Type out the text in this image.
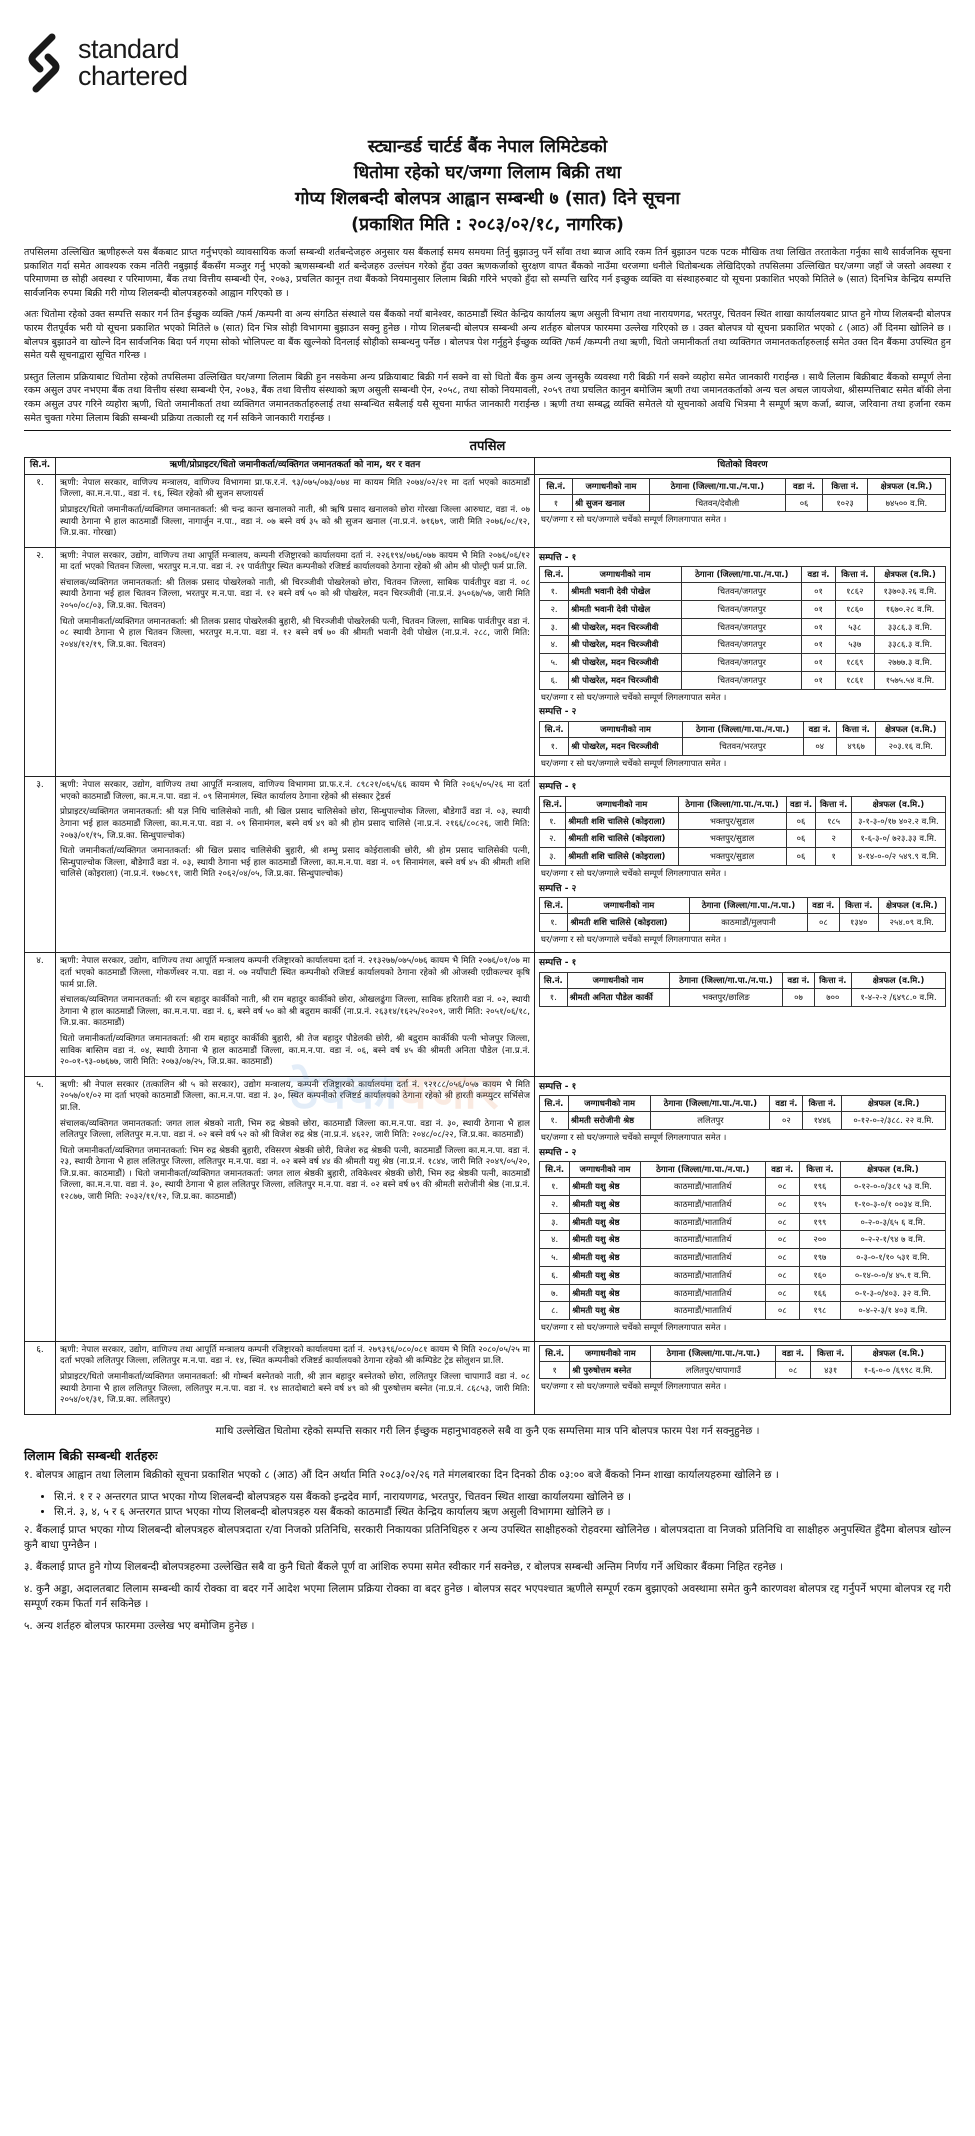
standard
chartered
स्ट्यान्डर्ड चार्टर्ड बैंक नेपाल लिमिटेडको
धितोमा रहेको घर/जग्गा लिलाम बिक्री तथा
गोप्य शिलबन्दी बोलपत्र आह्वान सम्बन्धी ७ (सात) दिने सूचना
(प्रकाशित मिति : २०८३/०२/१८, नागरिक)

तपसिलमा उल्लिखित ऋणीहरूले यस बैंकबाट प्राप्त गर्नुभएको व्यावसायिक कर्जा सम्बन्धी शर्तबन्देजहरु अनुसार यस बैंकलाई समय समयमा तिर्नु बुझाउनु पर्ने साँवा तथा ब्याज आदि रकम तिर्न बुझाउन पटक पटक मौखिक तथा लिखित तरताकेता गर्नुका साथै सार्वजनिक सूचना प्रकाशित गर्दा समेत आवश्यक रकम नतिरी नबुझाई बैंकसँग मञ्जुर गर्नु भएको ऋणसम्बन्धी शर्त बन्देजहरु उल्लंघन गरेको हुँदा उक्त ऋणकर्जाको सुरक्षण वापत बैंकको नाउँमा धरजग्गा धनीले धितोबन्धक लेखिदिएको तपसिलमा उल्लिखित घर/जग्गा जहाँ जे जस्तो अवस्था र परिमाणमा छ सोही अवस्था र परिमाणमा, बैंक तथा वित्तीय सम्बन्धी ऐन, २०७३, प्रचलित कानून तथा बैंकको नियमानुसार लिलाम बिक्री गरिने भएको हुँदा सो सम्पत्ति खरिद गर्न इच्छुक व्यक्ति वा संस्थाहरुबाट यो सूचना प्रकाशित भएको मितिले ७ (सात) दिनभित्र केन्द्रिय सम्पत्ति सार्वजनिक रुपमा बिक्री गरी गोप्य शिलबन्दी बोलपत्रहरुको आह्वान गरिएको छ ।

अतः धितोमा रहेको उक्त सम्पत्ति सकार गर्न तिन ईच्छुक व्यक्ति /फर्म /कम्पनी वा अन्य संगठित संस्थाले यस बैंकको नयाँ बानेश्वर, काठमाडौं स्थित केन्द्रिय कार्यालय ऋण असुली विभाग तथा नारायणगढ, भरतपुर, चितवन स्थित शाखा कार्यालयबाट प्राप्त हुने गोप्य शिलबन्दी बोलपत्र फारम रीतपूर्वक भरी यो सूचना प्रकाशित भएको मितिले ७ (सात) दिन भित्र सोही विभागमा बुझाउन सक्नु हुनेछ । गोप्य शिलबन्दी बोलपत्र सम्बन्धी अन्य शर्तहरु बोलपत्र फारममा उल्लेख गरिएको छ । उक्त बोलपत्र यो सूचना प्रकाशित भएको ८ (आठ) औं दिनमा खोलिने छ । बोलपत्र बुझाउने वा खोल्ने दिन सार्वजनिक बिदा पर्न गएमा सोको भोलिपल्ट वा बैंक खुल्नेको दिनलाई सोहीको सम्बन्धनु पर्नेछ । बोलपत्र पेश गर्नुहुने ईच्छुक व्यक्ति /फर्म /कम्पनी तथा ऋणी, धितो जमानीकर्ता तथा व्यक्तिगत जमानतकर्ताहरुलाई समेत उक्त दिन बैंकमा उपस्थित हुन समेत यसै सूचनाद्वारा सूचित गरिन्छ ।

प्रस्तुत लिलाम प्रक्रियाबाट धितोमा रहेको तपसिलमा उल्लिखित घर/जग्गा लिलाम बिक्री हुन नसकेमा अन्य प्रक्रियाबाट बिक्री गर्न सक्ने वा सो धितो बैंक कुम अन्य जुनसुकै व्यवस्था गरी बिक्री गर्न सक्ने व्यहोरा समेत जानकारी गराईन्छ । साथै लिलाम बिक्रीबाट बैंकको सम्पूर्ण लेना रकम असुल उपर नभएमा बैंक तथा वित्तीय संस्था सम्बन्धी ऐन, २०७३, बैंक तथा वित्तीय संस्थाको ऋण असुली सम्बन्धी ऐन, २०५८, तथा सोको नियमावली, २०५९ तथा प्रचलित कानुन बमोजिम ऋणी तथा जमानतकर्ताको अन्य चल अचल जायजेथा, श्रीसम्पत्तिबाट समेत बाँकी लेना रकम असुल उपर गरिने व्यहोरा ऋणी, धितो जमानीकर्ता तथा व्यक्तिगत जमानतकर्ताहरुलाई तथा सम्बन्धित सबैलाई यसै सूचना मार्फत जानकारी गराईन्छ । ऋणी तथा सम्बद्ध व्यक्ति समेतले यो सूचनाको अवधि भित्रमा नै सम्पूर्ण ऋण कर्जा, ब्याज, जरिवाना तथा हर्जाना रकम समेत चुक्ता गरेमा लिलाम बिक्री सम्बन्धी प्रक्रिया तत्काली रद्द गर्न सकिने जानकारी गराईन्छ ।

तपसिल
सि.नं.	ऋणी/प्रोप्राइटर/धितो जमानीकर्ता/व्यक्तिगत जमानतकर्ता को नाम, थर र वतन	धितोको विवरण
१.	ऋणी: नेपाल सरकार, वाणिज्य मन्त्रालय, वाणिज्य विभागमा प्रा.फ.र.नं. ९३/०७५/०७३/०७४ मा कायम मिति २०७४/०२/२१ मा दर्ता भएको काठमाडौं जिल्ला, का.म.न.पा., वडा नं. १६, स्थित रहेको श्री सुजन सप्लायर्स

प्रोप्राइटर/धितो जमानीकर्ता/व्यक्तिगत जमानतकर्ता: श्री चन्द्र कान्त खनालको नाती, श्री ऋषि प्रसाद खनालको छोरा गोरखा जिल्ला आरुघाट, वडा नं. ०७ स्थायी ठेगाना भै हाल काठमाडौं जिल्ला, नागार्जुन न.पा., वडा नं. ०७ बस्ने वर्ष ३५ को श्री सुजन खनाल (ना.प्र.नं. ७१६७९, जारी मिति २०७६/०८/१२, जि.प्र.का. गोरखा)

सि.नं.	जग्गाधनीको नाम	ठेगाना (जिल्ला/गा.पा./न.पा.)	वडा नं.	कित्ता नं.	क्षेत्रफल (व.मि.)
१	श्री सुजन खनाल	चितवन/देवौली	०६	१०२३	७४५०० व.मि.
घर/जग्गा र सो घर/जग्गाले चर्चेको सम्पूर्ण लिगलगापात समेत ।

२.	ऋणी: नेपाल सरकार, उद्योग, वाणिज्य तथा आपूर्ति मन्त्रालय, कम्पनी रजिष्ट्रारको कार्यालयमा दर्ता नं. २२६१९४/०७६/०७७ कायम भै मिति २०७६/०६/१२ मा दर्ता भएको चितवन जिल्ला, भरतपुर म.न.पा. वडा नं. २१ पार्वतीपुर स्थित कम्पनीको रजिष्टर्ड कार्यालयको ठेगाना रहेको श्री ओम श्री पोल्ट्री फर्म प्रा.लि.

संचालक/व्यक्तिगत जमानतकर्ता: श्री तिलक प्रसाद पोखरेलको नाती, श्री चिरञ्जीवी पोखरेलको छोरा, चितवन जिल्ला, साबिक पार्वतीपुर वडा नं. ०८ स्थायी ठेगाना भई हाल चितवन जिल्ला, भरतपुर म.न.पा. वडा नं. १२ बस्ने वर्ष ५० को श्री पोखरेल, मदन चिरञ्जीवी (ना.प्र.नं. ३५०६७/५७, जारी मिति २०५०/०८/०३, जि.प्र.का. चितवन)

धितो जमानीकर्ता/व्यक्तिगत जमानतकर्ता: श्री तिलक प्रसाद पोखरेलकी बुहारी, श्री चिरञ्जीवी पोखरेलकी पत्नी, चितवन जिल्ला, साबिक पार्वतीपुर वडा नं. ०८ स्थायी ठेगाना भै हाल चितवन जिल्ला, भरतपुर म.न.पा. वडा नं. १२ बस्ने वर्ष ७० की श्रीमती भवानी देवी पोखेल (ना.प्र.नं. २८८, जारी मिति: २०४४/१२/१९, जि.प्र.का. चितवन)

सम्पत्ति - १
सि.नं.	जग्गाधनीको नाम	ठेगाना (जिल्ला/गा.पा./न.पा.)	वडा नं.	कित्ता नं.	क्षेत्रफल (व.मि.)
१.	श्रीमती भवानी देवी पोखेल	चितवन/जगतपुर	०१	१८६२	१३७०३.२६ व.मि.
२.	श्रीमती भवानी देवी पोखेल	चितवन/जगतपुर	०१	१८६०	१६७०.२८ व.मि.
३.	श्री पोखरेल, मदन चिरञ्जीवी	चितवन/जगतपुर	०१	५३८	३३८६.३ व.मि.
४.	श्री पोखरेल, मदन चिरञ्जीवी	चितवन/जगतपुर	०१	५३७	३३८६.३ व.मि.
५.	श्री पोखरेल, मदन चिरञ्जीवी	चितवन/जगतपुर	०१	१८६९	२७७७.३ व.मि.
६.	श्री पोखरेल, मदन चिरञ्जीवी	चितवन/जगतपुर	०१	१८६१	१५७५.५४ व.मि.
घर/जग्गा र सो घर/जग्गाले चर्चेको सम्पूर्ण लिगलगापात समेत ।
सम्पत्ति - २
सि.नं.	जग्गाधनीको नाम	ठेगाना (जिल्ला/गा.पा./न.पा.)	वडा नं.	कित्ता नं.	क्षेत्रफल (व.मि.)
१.	श्री पोखरेल, मदन चिरञ्जीवी	चितवन/भरतपुर	०४	४९६७	२०३.१६ व.मि.
घर/जग्गा र सो घर/जग्गाले चर्चेको सम्पूर्ण लिगलगापात समेत ।

३.	ऋणी: नेपाल सरकार, उद्योग, वाणिज्य तथा आपूर्ति मन्त्रालय, वाणिज्य विभागमा प्रा.फ.र.नं. ८९८२१/०६५/६६ कायम भै मिति २०६५/०५/२६ मा दर्ता भएको काठमाडौं जिल्ला, का.म.न.पा. वडा नं. ०९ सिनामंगल, स्थित कार्यालय ठेगाना रहेको श्री संस्कार ट्रेडर्स

प्रोप्राइटर/व्यक्तिगत जमानतकर्ता: श्री यज्ञ निधि चालिसेको नाती, श्री खिल प्रसाद चालिसेको छोरा, सिन्धुपाल्चोक जिल्ला, बौडेगाउँ वडा नं. ०३, स्थायी ठेगाना भई हाल काठमाडौं जिल्ला, का.म.न.पा. वडा नं. ०९ सिनामंगल, बस्ने वर्ष ४९ को श्री होम प्रसाद चालिसे (ना.प्र.नं. २१६६/८०८२६, जारी मिति: २०७३/०१/१५, जि.प्र.का. सिन्धुपाल्चोक)

धितो जमानीकर्ता/व्यक्तिगत जमानतकर्ता: श्री खिल प्रसाद चालिसेकी बुहारी, श्री शम्भु प्रसाद कोईरालाकी छोरी, श्री होम प्रसाद चालिसेकी पत्नी, सिन्धुपाल्चोक जिल्ला, बौडेगाउँ वडा नं. ०३, स्थायी ठेगाना भई हाल काठमाडौं जिल्ला, का.म.न.पा. वडा नं. ०९ सिनामंगल, बस्ने वर्ष ४५ की श्रीमती शशि चालिसे (कोइराला) (ना.प्र.नं. १७७८९१, जारी मिति २०६२/०४/०५, जि.प्र.का. सिन्धुपाल्चोक)

सम्पत्ति - १
सि.नं.	जग्गाधनीको नाम	ठेगाना (जिल्ला/गा.पा./न.पा.)	वडा नं.	कित्ता नं.	क्षेत्रफल (व.मि.)
१.	श्रीमती शशि चालिसे (कोइराला)	भक्तपुर/सुडाल	०६	१८५	३-१-३-०/१७ ४०२.२ व.मि.
२.	श्रीमती शशि चालिसे (कोइराला)	भक्तपुर/सुडाल	०६	२	१-६-३-०/ ७२३.३३ व.मि.
३.	श्रीमती शशि चालिसे (कोइराला)	भक्तपुर/सुडाल	०६	१	४-१४-०-०/२ ५४९.९ व.मि.
घर/जग्गा र सो घर/जग्गाले चर्चेको सम्पूर्ण लिगलगापात समेत ।
सम्पत्ति - २
सि.नं.	जग्गाधनीको नाम	ठेगाना (जिल्ला/गा.पा./न.पा.)	वडा नं.	कित्ता नं.	क्षेत्रफल (व.मि.)
१.	श्रीमती शशि चालिसे (कोइराला)	काठमाडौं/मुलपानी	०८	१३४०	२५४.०९ व.मि.
घर/जग्गा र सो घर/जग्गाले चर्चेको सम्पूर्ण लिगलगापात समेत ।

४.	ऋणी: नेपाल सरकार, उद्योग, वाणिज्य तथा आपूर्ति मन्त्रालय कम्पनी रजिष्ट्रारको कार्यालयमा दर्ता नं. २१३२७७/०७५/०७६ कायम भै मिति २०७६/०१/०७ मा दर्ता भएको काठमाडौं जिल्ला, गोकर्णेश्वर न.पा. वडा नं. ०७ नयाँपाटी स्थित कम्पनीको रजिष्टर्ड कार्यालयको ठेगाना रहेको श्री ओजस्वी एग्रीकल्चर कृषि फार्म प्रा.लि.

संचालक/व्यक्तिगत जमानतकर्ता: श्री रत्न बहादुर कार्कीको नाती, श्री राम बहादुर कार्कीको छोरा, ओखलढुंगा जिल्ला, साविक हरितारी वडा नं. ०२, स्थायी ठेगाना भै हाल काठमाडौं जिल्ला, का.म.न.पा. वडा नं. ६, बस्ने वर्ष ५० को श्री बद्रुराम कार्की (ना.प्र.नं. २६३१४/१६२५/२०२०९, जारी मिति: २०५१/०६/१८, जि.प्र.का. काठमाडौं)

धितो जमानीकर्ता/व्यक्तिगत जमानतकर्ता: श्री राम बहादुर कार्कीकी बुहारी, श्री तेज बहादुर पौडेलकी छोरी, श्री बद्रुराम कार्कीकी पत्नी भोजपुर जिल्ला, साविक बास्तिम वडा नं. ०४, स्थायी ठेगाना भै हाल काठमाडौं जिल्ला, का.म.न.पा. वडा नं. ०६, बस्ने वर्ष ४५ की श्रीमती अनिता पौडेल (ना.प्र.नं. २०-०१-९३-०७६७७, जारी मिति: २०७३/०७/२५, जि.प्र.का. काठमाडौं)

सम्पत्ति - १
सि.नं.	जग्गाधनीको नाम	ठेगाना (जिल्ला/गा.पा./न.पा.)	वडा नं.	कित्ता नं.	क्षेत्रफल (व.मि.)
१.	श्रीमती अनिता पौडेल कार्की	भक्तपुर/छालिङ	०७	७००	१-४-२-२ /६४९८.० व.मि.

५.	ऋणी: श्री नेपाल सरकार (तत्कालिन श्री ५ को सरकार), उद्योग मन्त्रालय, कम्पनी रजिष्ट्रारको कार्यालयमा दर्ता नं. ९२१८८/०५६/०५७ कायम भै मिति २०५७/०१/०२ मा दर्ता भएको काठमाडौं जिल्ला, का.म.न.पा. वडा नं. ३०, स्थित कम्पनीको रजिष्टर्ड कार्यालयको ठेगाना रहेको श्री हारती कम्प्युटर सर्भिसेज प्रा.लि.

संचालक/व्यक्तिगत जमानतकर्ता: जगत लाल श्रेष्ठको नाती, भिम रुद्र श्रेष्ठको छोरा, काठमाडौं जिल्ला का.म.न.पा. वडा नं. ३०, स्थायी ठेगाना भै हाल ललितपुर जिल्ला, ललितपुर म.न.पा. वडा नं. ०२ बस्ने वर्ष ५२ को श्री विजेश रुद्र श्रेष्ठ (ना.प्र.नं. ४६२२, जारी मिति: २०४८/०८/२२, जि.प्र.का. काठमाडौं)

धितो जमानीकर्ता/व्यक्तिगत जमानतकर्ता: भिम रुद्र श्रेष्ठकी बुहारी, रविसरण श्रेष्ठकी छोरी, विजेश रुद्र श्रेष्ठकी पत्नी, काठमाडौं जिल्ला का.म.न.पा. वडा नं. २३, स्थायी ठेगाना भै हाल ललितपुर जिल्ला, ललितपुर म.न.पा. वडा नं. ०२ बस्ने वर्ष ४४ की श्रीमती यशु श्रेष्ठ (ना.प्र.नं. १८४४, जारी मिति २०४९/०५/२०, जि.प्र.का. काठमाडौं) । धितो जमानीकर्ता/व्यक्तिगत जमानतकर्ता: जगत लाल श्रेष्ठकी बुहारी, तविकेश्वर श्रेष्ठकी छोरी, भिम रुद्र श्रेष्ठकी पत्नी, काठमाडौं जिल्ला, का.म.न.पा. वडा नं. ३०, स्थायी ठेगाना भै हाल ललितपुर जिल्ला, ललितपुर म.न.पा. वडा नं. ०२ बस्ने वर्ष ७९ की श्रीमती सरोजीनी श्रेष्ठ (ना.प्र.नं. १२८७७, जारी मिति: २०३२/११/१२, जि.प्र.का. काठमाडौं)

सम्पत्ति - १
सि.नं.	जग्गाधनीको नाम	ठेगाना (जिल्ला/गा.पा./न.पा.)	वडा नं.	कित्ता नं.	क्षेत्रफल (व.मि.)
१.	श्रीमती सरोजीनी श्रेष्ठ	ललितपुर	०२	१४४६	०-१२-०-२/३८८. २२ व.मि.
घर/जग्गा र सो घर/जग्गाले चर्चेको सम्पूर्ण लिगलगापात समेत ।
सम्पत्ति - २
सि.नं.	जग्गाधनीको नाम	ठेगाना (जिल्ला/गा.पा./न.पा.)	वडा नं.	कित्ता नं.	क्षेत्रफल (व.मि.)
१.	श्रीमती यशु श्रेष्ठ	काठमाडौं/भातातिर्थ	०८	१९६	०-१२-०-०/३८१ ५३ व.मि.
२.	श्रीमती यशु श्रेष्ठ	काठमाडौं/भातातिर्थ	०८	१९५	१-१०-३-०/१ ००३४ व.मि.
३.	श्रीमती यशु श्रेष्ठ	काठमाडौं/भातातिर्थ	०८	१९९	०-२-०-३/६५ ६ व.मि.
४.	श्रीमती यशु श्रेष्ठ	काठमाडौं/भातातिर्थ	०८	२००	०-२-२-१/९४ ७ व.मि.
५.	श्रीमती यशु श्रेष्ठ	काठमाडौं/भातातिर्थ	०८	१९७	०-३-०-१/१० ५३१ व.मि.
६.	श्रीमती यशु श्रेष्ठ	काठमाडौं/भातातिर्थ	०८	१६०	०-१४-०-०/४ ४५.१ व.मि.
७.	श्रीमती यशु श्रेष्ठ	काठमाडौं/भातातिर्थ	०८	१६६	०-१-३-०/४०३. ३२ व.मि.
८.	श्रीमती यशु श्रेष्ठ	काठमाडौं/भातातिर्थ	०८	१९८	०-४-२-३/१ ४०३ व.मि.
घर/जग्गा र सो घर/जग्गाले चर्चेको सम्पूर्ण लिगलगापात समेत ।

६.	ऋणी: नेपाल सरकार, उद्योग, वाणिज्य तथा आपूर्ति मन्त्रालय कम्पनी रजिष्ट्रारको कार्यालयमा दर्ता नं. २७९३९६/०८०/०८१ कायम भै मिति २०८०/०५/२५ मा दर्ता भएको ललितपुर जिल्ला, ललितपुर म.न.पा. वडा नं. १४, स्थित कम्पनीको रजिष्टर्ड कार्यालयको ठेगाना रहेको श्री कम्पिडेट ट्रेड सोलुशन प्रा.लि.

प्रोप्राइटर/धितो जमानीकर्ता/व्यक्तिगत जमानतकर्ता: श्री गोम्बर्न बस्नेतको नाती, श्री ज्ञान बहादुर बस्नेतको छोरा, ललितपुर जिल्ला चापागाउँ वडा नं. ०८ स्थायी ठेगाना भै हाल ललितपुर जिल्ला, ललितपुर म.न.पा. वडा नं. १४ सातदोबाटो बस्ने वर्ष ४९ को श्री पुरुषोत्तम बस्नेत (ना.प्र.नं. ८६८५३, जारी मिति: २०५४/०१/३१, जि.प्र.का. ललितपुर)

सि.नं.	जग्गाधनीको नाम	ठेगाना (जिल्ला/गा.पा./न.पा.)	वडा नं.	कित्ता नं.	क्षेत्रफल (व.मि.)
१	श्री पुरुषोत्तम बस्नेत	ललितपुर/चापागाउँ	०८	४३१	१-६-०-० /६९९८ व.मि.
घर/जग्गा र सो घर/जग्गाले चर्चेको सम्पूर्ण लिगलगापात समेत ।
माथि उल्लेखित धितोमा रहेको सम्पत्ति सकार गरी लिन ईच्छुक महानुभावहरुले सबै वा कुनै एक सम्पत्तिमा मात्र पनि बोलपत्र फारम पेश गर्न सक्नुहुनेछ ।
लिलाम बिक्री सम्बन्धी शर्तहरुः
१. बोलपत्र आह्वान तथा लिलाम बिक्रीको सूचना प्रकाशित भएको ८ (आठ) औं दिन अर्थात मिति २०८३/०२/२६ गते मंगलबारका दिन दिनको ठीक ०३:०० बजे बैंकको निम्न शाखा कार्यालयहरुमा खोलिने छ ।
• सि.नं. १ र २ अन्तरगत प्राप्त भएका गोप्य शिलबन्दी बोलपत्रहरु यस बैंकको इन्द्रदेव मार्ग, नारायणगढ, भरतपुर, चितवन स्थित शाखा कार्यालयमा खोलिने छ ।
• सि.नं. ३, ४, ५ र ६ अन्तरगत प्राप्त भएका गोप्य शिलबन्दी बोलपत्रहरु यस बैंकको काठमाडौं स्थित केन्द्रिय कार्यालय ऋण असुली विभागमा खोलिने छ ।
२. बैंकलाई प्राप्त भएका गोप्य शिलबन्दी बोलपत्रहरु बोलपत्रदाता र/वा निजको प्रतिनिधि, सरकारी निकायका प्रतिनिधिहरु र अन्य उपस्थित साक्षीहरुको रोहवरमा खोलिनेछ । बोलपत्रदाता वा निजको प्रतिनिधि वा साक्षीहरु अनुपस्थित हुँदैमा बोलपत्र खोल्न कुनै बाधा पुग्नेछैन ।
३. बैंकलाई प्राप्त हुने गोप्य शिलबन्दी बोलपत्रहरुमा उल्लेखित सबै वा कुनै धितो बैंकले पूर्ण वा आंशिक रुपमा समेत स्वीकार गर्न सक्नेछ, र बोलपत्र सम्बन्धी अन्तिम निर्णय गर्ने अधिकार बैंकमा निहित रहनेछ ।
४. कुनै अड्डा, अदालतबाट लिलाम सम्बन्धी कार्य रोक्का वा बदर गर्ने आदेश भएमा लिलाम प्रक्रिया रोक्का वा बदर हुनेछ । बोलपत्र सदर भएपश्चात ऋणीले सम्पूर्ण रकम बुझाएको अवस्थामा समेत कुनै कारणवश बोलपत्र रद्द गर्नुपर्ने भएमा बोलपत्र रद्द गरी सम्पूर्ण रकम फिर्ता गर्न सकिनेछ ।
५. अन्य शर्तहरु बोलपत्र फारममा उल्लेख भए बमोजिम हुनेछ ।
ठेक्काबजार
